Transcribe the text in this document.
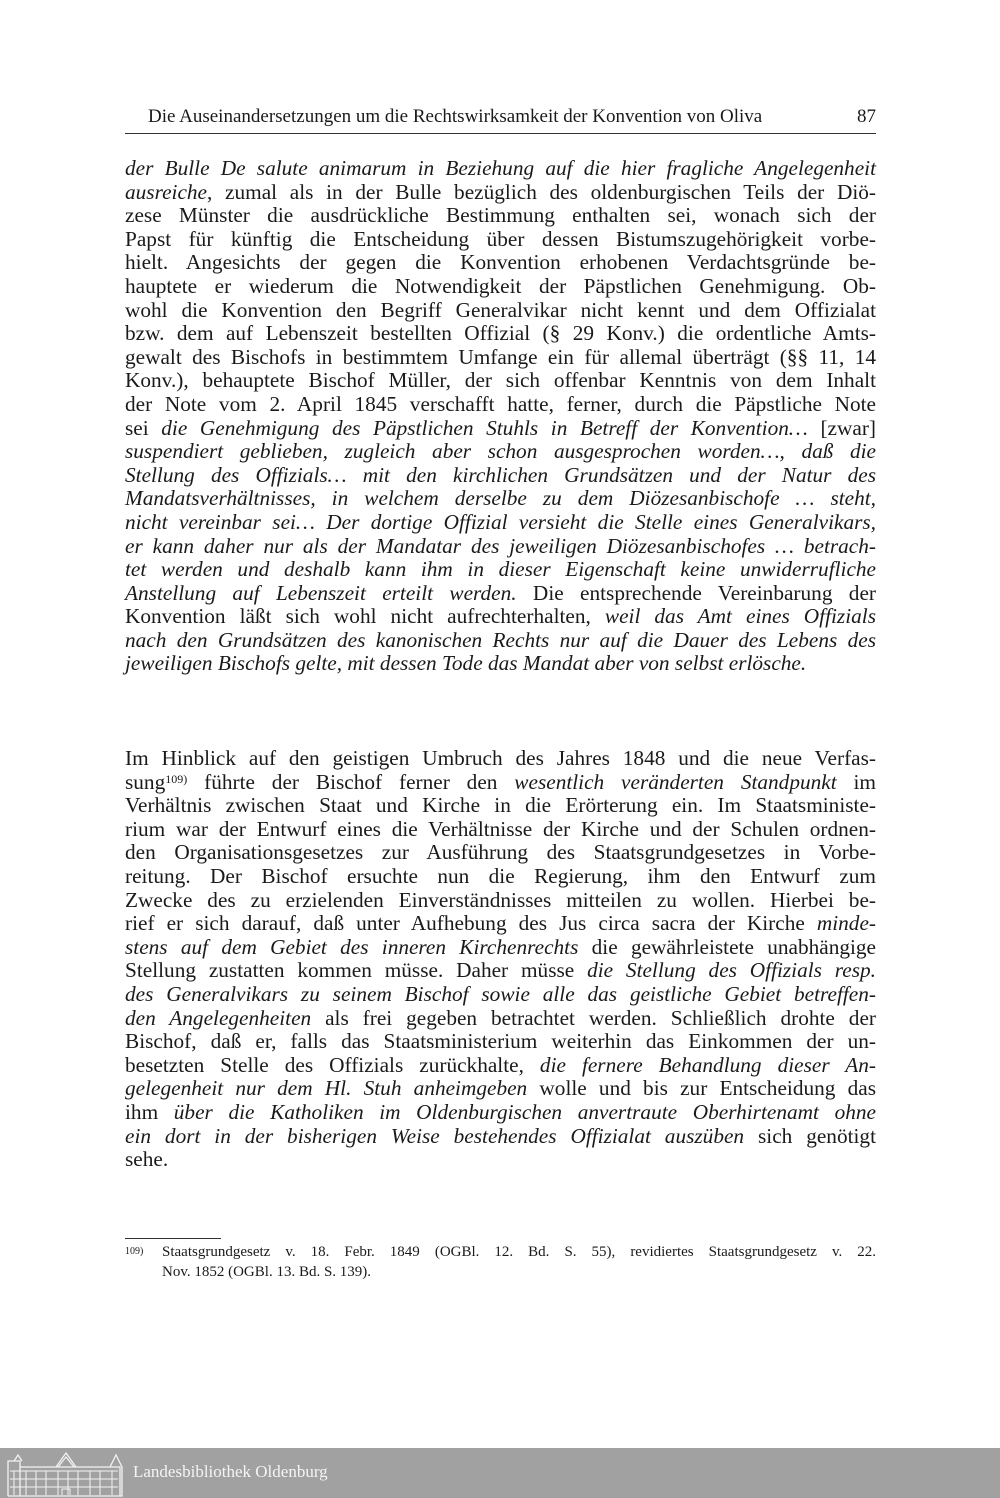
Die Auseinandersetzungen um die Rechtswirksamkeit der Konvention von Oliva	87
der Bulle De salute animarum in Beziehung auf die hier fragliche Angelegenheit
ausreiche, zumal als in der Bulle bezüglich des oldenburgischen Teils der Diö-
zese Münster die ausdrückliche Bestimmung enthalten sei, wonach sich der
Papst für künftig die Entscheidung über dessen Bistumszugehörigkeit vorbe-
hielt. Angesichts der gegen die Konvention erhobenen Verdachtsgründe be-
hauptete er wiederum die Notwendigkeit der Päpstlichen Genehmigung. Ob-
wohl die Konvention den Begriff Generalvikar nicht kennt und dem Offizialat
bzw. dem auf Lebenszeit bestellten Offizial (§ 29 Konv.) die ordentliche Amts-
gewalt des Bischofs in bestimmtem Umfange ein für allemal überträgt (§§ 11, 14
Konv.), behauptete Bischof Müller, der sich offenbar Kenntnis von dem Inhalt
der Note vom 2. April 1845 verschafft hatte, ferner, durch die Päpstliche Note
sei die Genehmigung des Päpstlichen Stuhls in Betreff der Konvention… [zwar]
suspendiert geblieben, zugleich aber schon ausgesprochen worden…, daß die
Stellung des Offizials… mit den kirchlichen Grundsätzen und der Natur des
Mandatsverhältnisses, in welchem derselbe zu dem Diözesanbischofe … steht,
nicht vereinbar sei… Der dortige Offizial versieht die Stelle eines Generalvikars,
er kann daher nur als der Mandatar des jeweiligen Diözesanbischofes … betrach-
tet werden und deshalb kann ihm in dieser Eigenschaft keine unwiderrufliche
Anstellung auf Lebenszeit erteilt werden. Die entsprechende Vereinbarung der
Konvention läßt sich wohl nicht aufrechterhalten, weil das Amt eines Offizials
nach den Grundsätzen des kanonischen Rechts nur auf die Dauer des Lebens des
jeweiligen Bischofs gelte, mit dessen Tode das Mandat aber von selbst erlösche.
Im Hinblick auf den geistigen Umbruch des Jahres 1848 und die neue Verfas-
sung$^{109)}$ führte der Bischof ferner den wesentlich veränderten Standpunkt im
Verhältnis zwischen Staat und Kirche in die Erörterung ein. Im Staatsministe-
rium war der Entwurf eines die Verhältnisse der Kirche und der Schulen ordnen-
den Organisationsgesetzes zur Ausführung des Staatsgrundgesetzes in Vorbe-
reitung. Der Bischof ersuchte nun die Regierung, ihm den Entwurf zum
Zwecke des zu erzielenden Einverständnisses mitteilen zu wollen. Hierbei be-
rief er sich darauf, daß unter Aufhebung des Jus circa sacra der Kirche minde-
stens auf dem Gebiet des inneren Kirchenrechts die gewährleistete unabhängige
Stellung zustatten kommen müsse. Daher müsse die Stellung des Offizials resp.
des Generalvikars zu seinem Bischof sowie alle das geistliche Gebiet betreffen-
den Angelegenheiten als frei gegeben betrachtet werden. Schließlich drohte der
Bischof, daß er, falls das Staatsministerium weiterhin das Einkommen der un-
besetzten Stelle des Offizials zurückhalte, die fernere Behandlung dieser An-
gelegenheit nur dem Hl. Stuh anheimgeben wolle und bis zur Entscheidung das
ihm über die Katholiken im Oldenburgischen anvertraute Oberhirtenamt ohne
ein dort in der bisherigen Weise bestehendes Offizialat auszüben sich genötigt
sehe.
109) Staatsgrundgesetz v. 18. Febr. 1849 (OGBl. 12. Bd. S. 55), revidiertes Staatsgrundgesetz v. 22.
Nov. 1852 (OGBl. 13. Bd. S. 139).
Landesbibliothek Oldenburg
